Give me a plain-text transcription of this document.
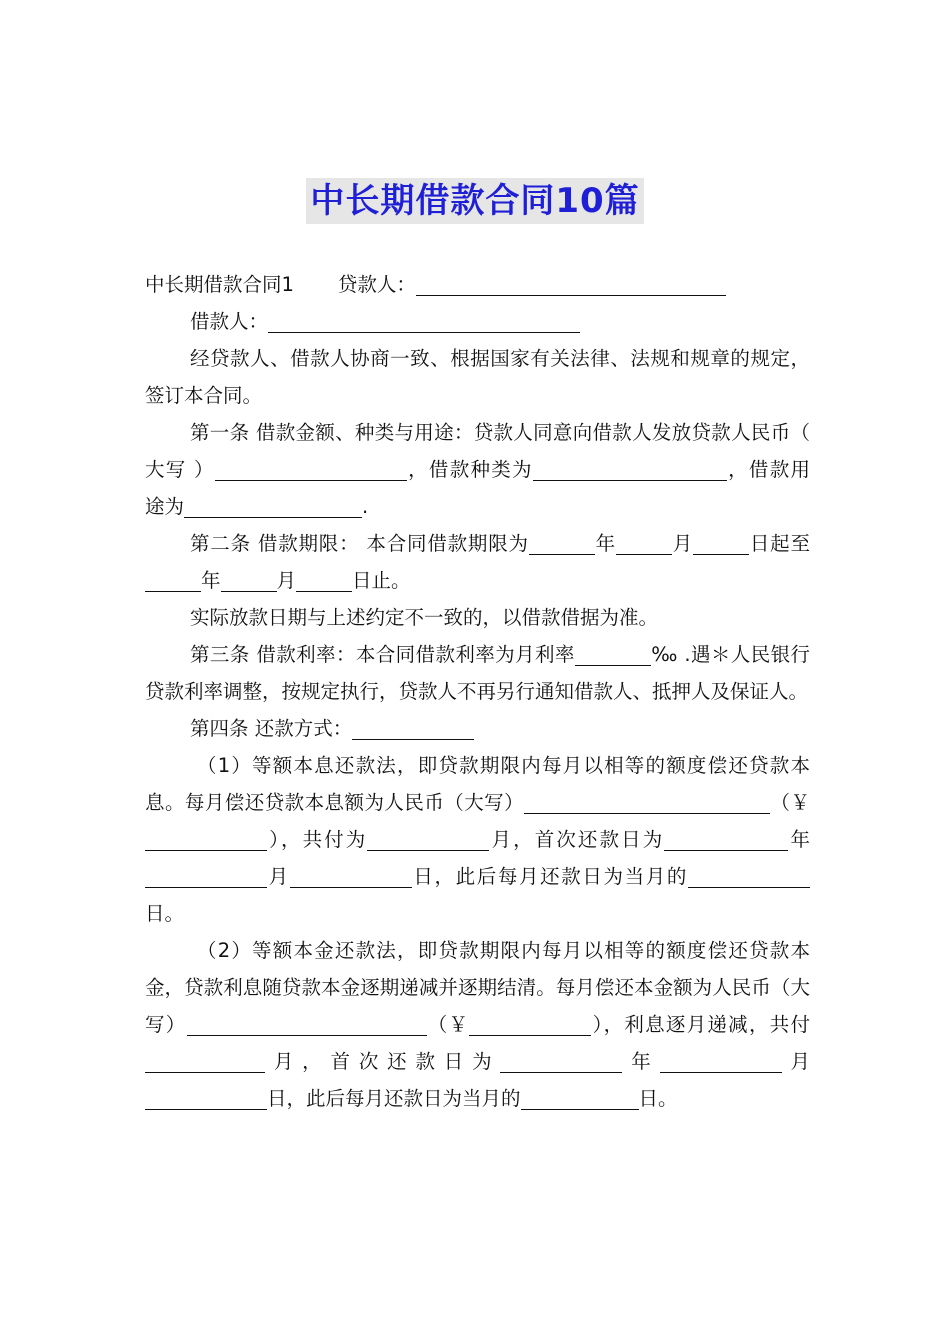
中长期借款合同10篇

中长期借款合同1 贷款人：

借款人：

经贷款人、借款人协商一致、根据国家有关法律、法规和规章的规定，签订本合同。

第一条 借款金额、种类与用途：贷款人同意向借款人发放贷款人民币（ 大写 ）	，借款种类为	，借款用途为	.

第二条 借款期限： 本合同借款期限为	年	月	日起至年	月	日止。

实际放款日期与上述约定不一致的，以借款借据为准。

第三条 借款利率：本合同借款利率为月利率	‰ .遇＊人民银行贷款利率调整，按规定执行，贷款人不再另行通知借款人、抵押人及保证人。

第四条 还款方式：

（1）等额本息还款法，即贷款期限内每月以相等的额度偿还贷款本息。每月偿还贷款本息额为人民币（大写）	（￥），共付为	月，首次还款日为	年月	日，此后每月还款日为当月的日。

（2）等额本金还款法，即贷款期限内每月以相等的额度偿还贷款本金，贷款利息随贷款本金逐期递减并逐期结清。每月偿还本金额为人民币（大写）	（￥	），利息逐月递减，共付月，首次还款日为	年	月日，此后每月还款日为当月的	日。
